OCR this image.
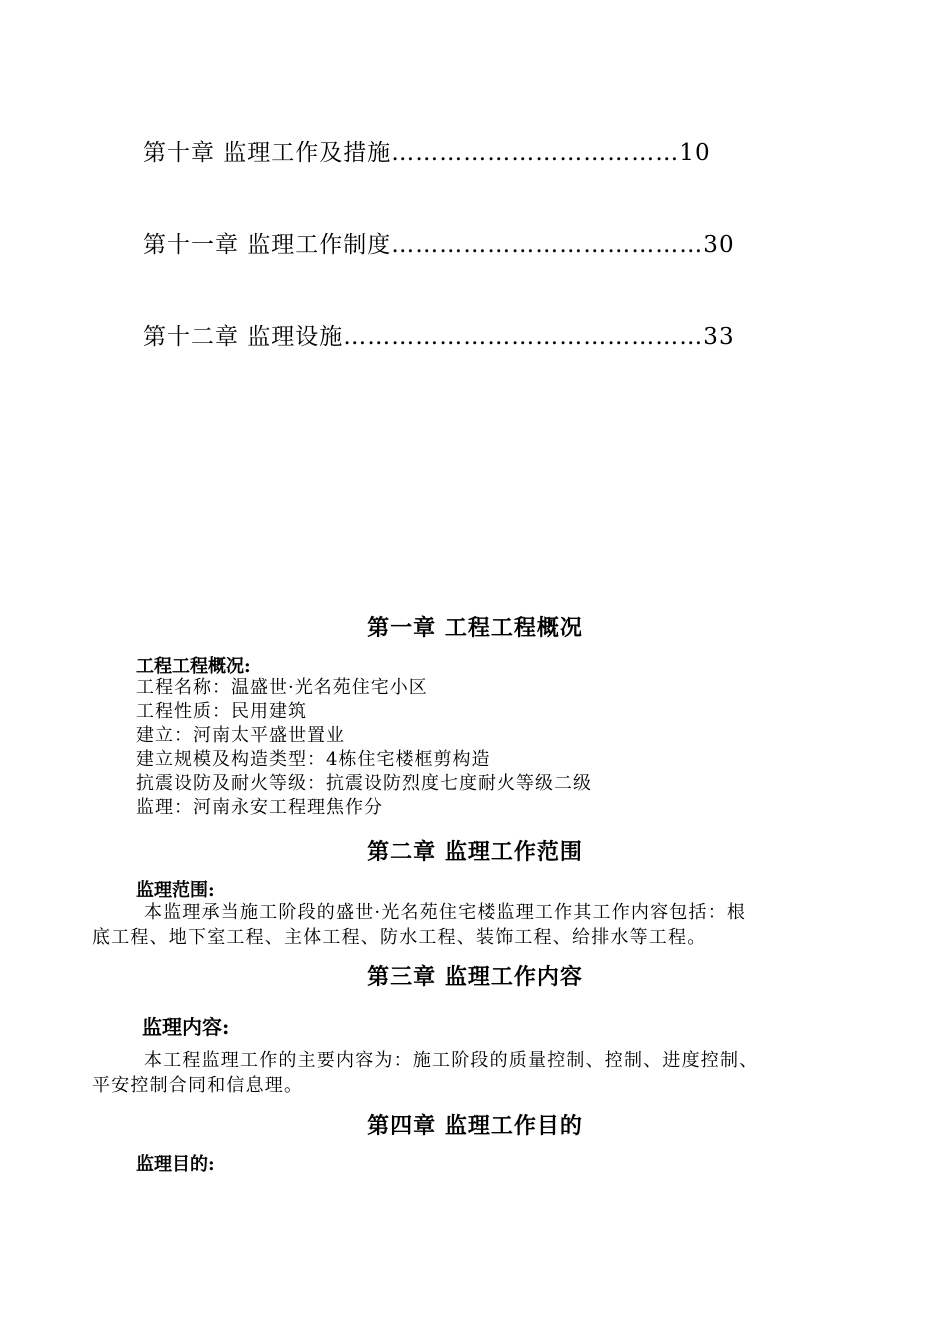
第十章 监理工作及措施………………………………10
第十一章 监理工作制度…………………………………30
第十二章 监理设施………………………………………33
第一章 工程工程概况
工程工程概况:
工程名称：温盛世·光名苑住宅小区
工程性质：民用建筑
建立：河南太平盛世置业
建立规模及构造类型：4栋住宅楼框剪构造
抗震设防及耐火等级：抗震设防烈度七度耐火等级二级
监理：河南永安工程理焦作分
第二章 监理工作范围
监理范围:
本监理承当施工阶段的盛世·光名苑住宅楼监理工作其工作内容包括：根
底工程、地下室工程、主体工程、防水工程、装饰工程、给排水等工程。
第三章 监理工作内容
监理内容:
本工程监理工作的主要内容为：施工阶段的质量控制、控制、进度控制、
平安控制合同和信息理。
第四章 监理工作目的
监理目的:
